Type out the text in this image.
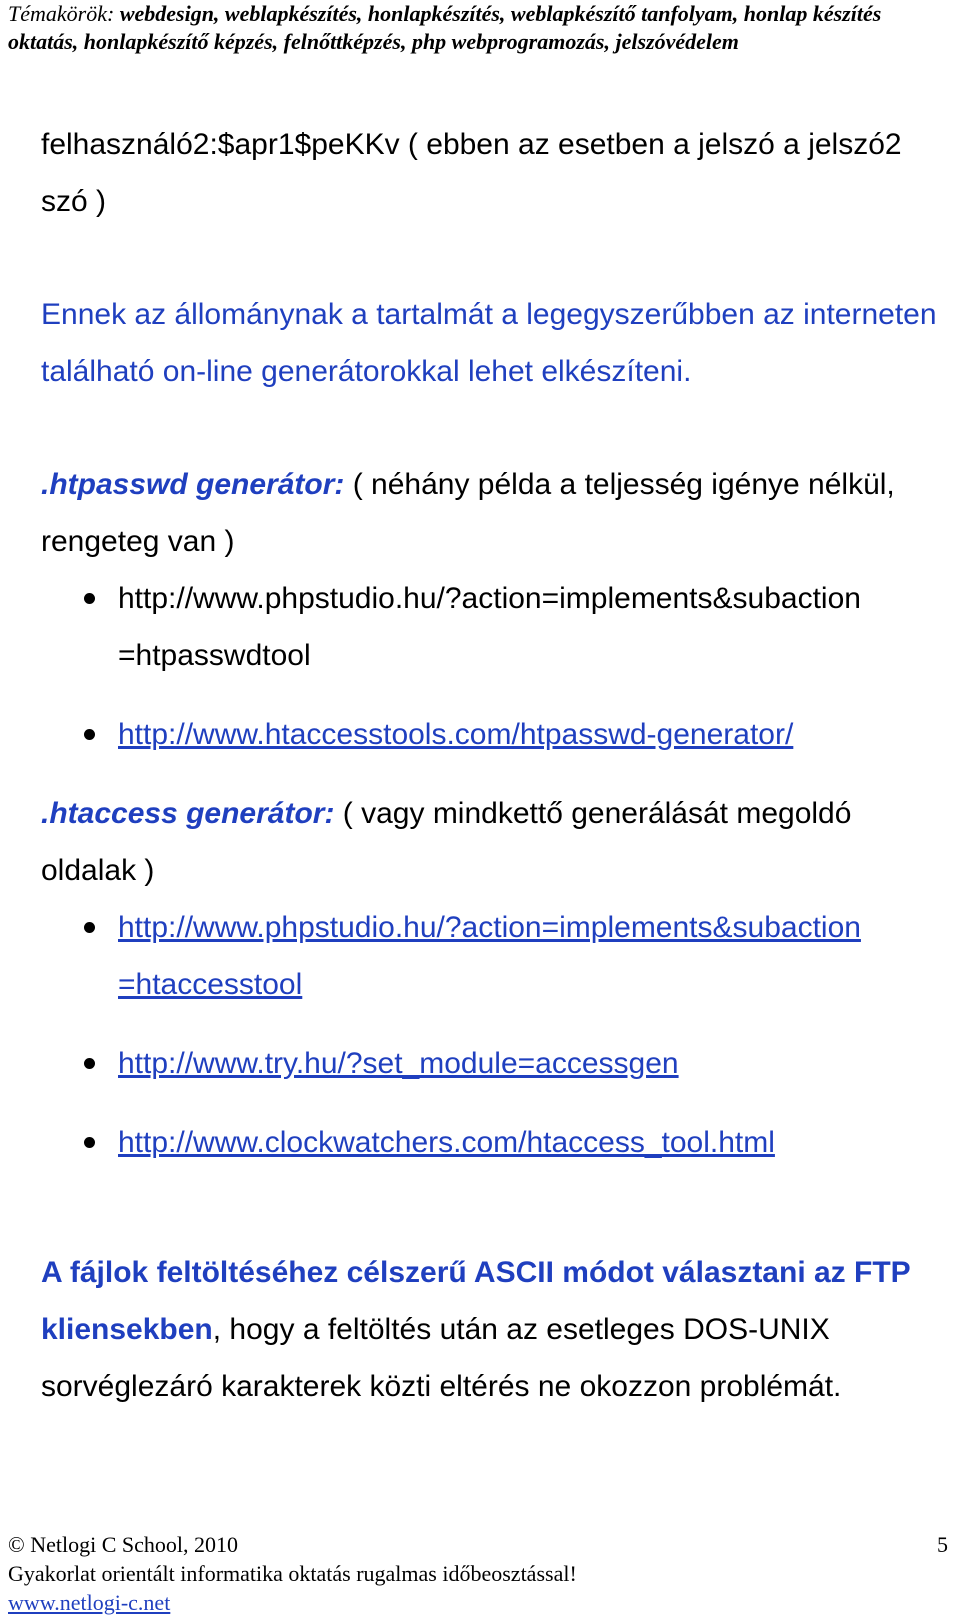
Témakörök: webdesign, weblapkészítés, honlapkészítés, weblapkészítő tanfolyam, honlap készítés oktatás, honlapkészítő képzés, felnőttképzés, php webprogramozás, jelszóvédelem

felhasználó2:$apr1$peKKv ( ebben az esetben a jelszó a jelszó2 szó )

Ennek az állománynak a tartalmát a legegyszerűbben az interneten található on-line generátorokkal lehet elkészíteni.

.htpasswd generátor: ( néhány példa a teljesség igénye nélkül, rengeteg van )

http://www.phpstudio.hu/?action=implements&subaction
=htpasswdtool
http://www.htaccesstools.com/htpasswd-generator/

.htaccess generátor: ( vagy mindkettő generálását megoldó oldalak )

http://www.phpstudio.hu/?action=implements&subaction
=htaccesstool
http://www.try.hu/?set_module=accessgen
http://www.clockwatchers.com/htaccess_tool.html

A fájlok feltöltéséhez célszerű ASCII módot választani az FTP kliensekben, hogy a feltöltés után az esetleges DOS-UNIX sorvéglezáró karakterek közti eltérés ne okozzon problémát.

© Netlogi C School, 2010	5
Gyakorlat orientált informatika oktatás rugalmas időbeosztással!
www.netlogi-c.net
